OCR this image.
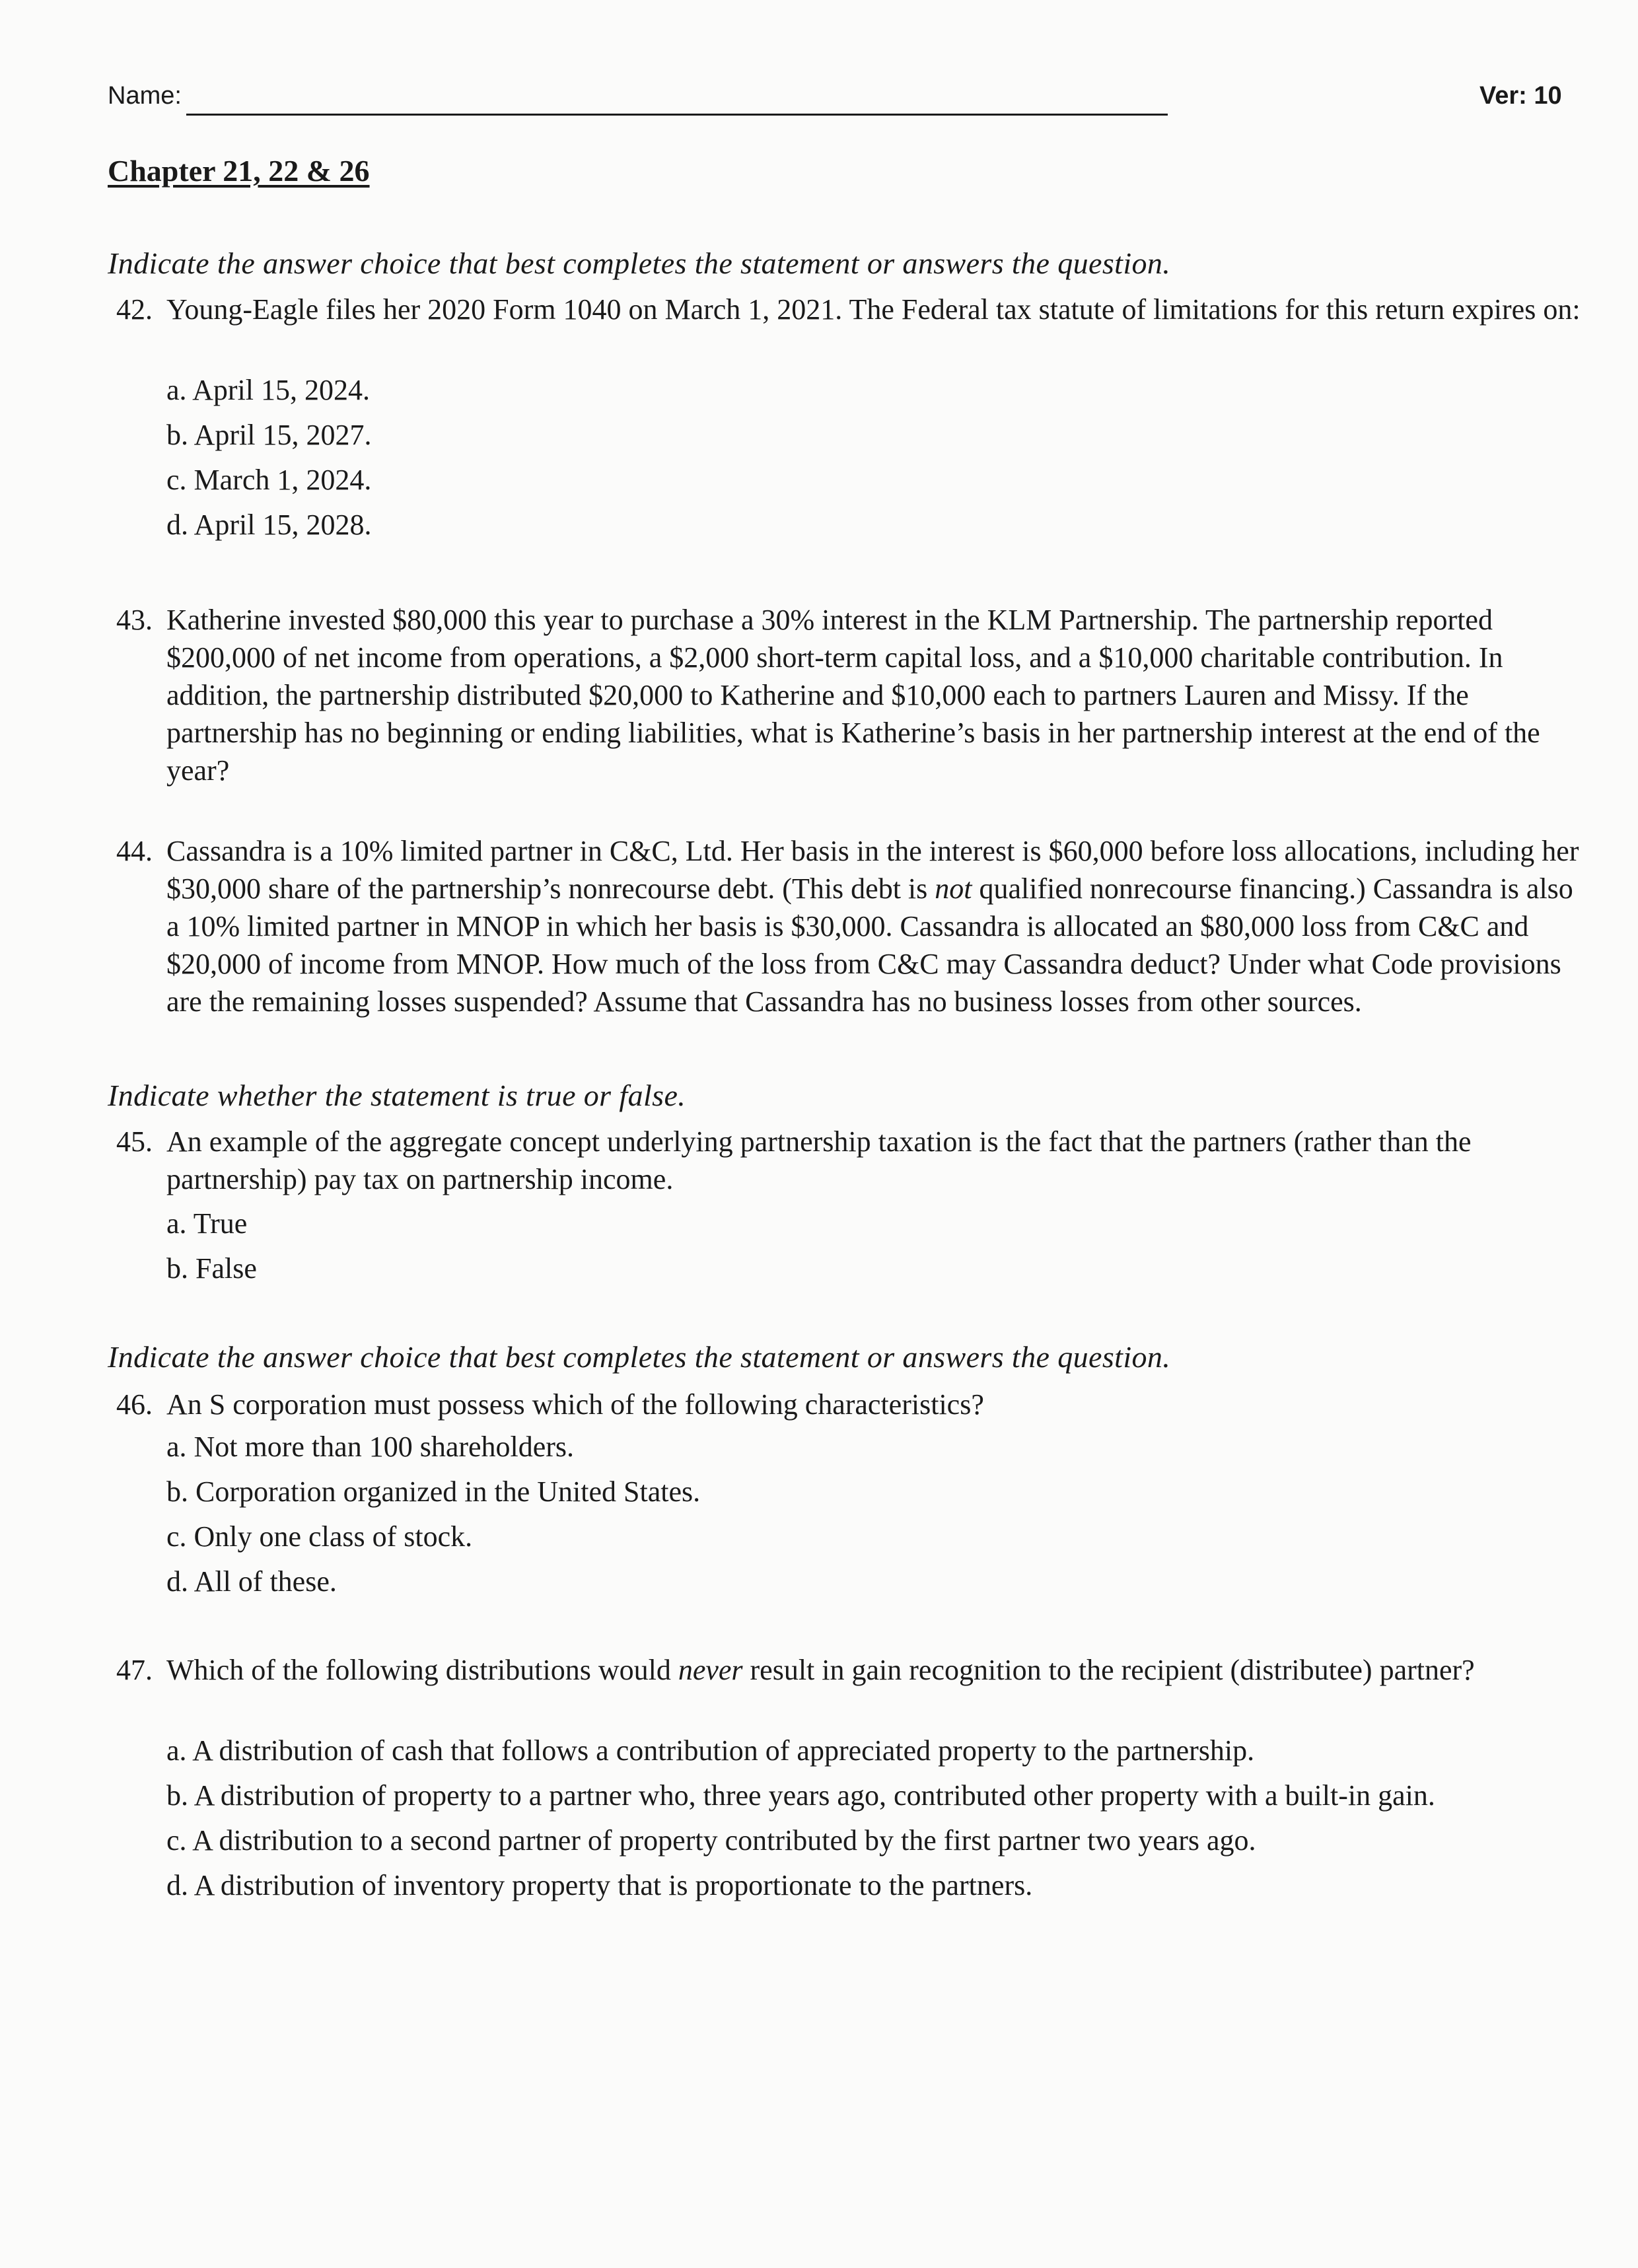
Name:	Ver: 10
Chapter 21, 22 & 26
Indicate the answer choice that best completes the statement or answers the question.
42. Young-Eagle files her 2020 Form 1040 on March 1, 2021. The Federal tax statute of limitations for this return expires on:
a. April 15, 2024.
b. April 15, 2027.
c. March 1, 2024.
d. April 15, 2028.
43. Katherine invested $80,000 this year to purchase a 30% interest in the KLM Partnership. The partnership reported $200,000 of net income from operations, a $2,000 short-term capital loss, and a $10,000 charitable contribution. In addition, the partnership distributed $20,000 to Katherine and $10,000 each to partners Lauren and Missy. If the partnership has no beginning or ending liabilities, what is Katherine’s basis in her partnership interest at the end of the year?
44. Cassandra is a 10% limited partner in C&C, Ltd. Her basis in the interest is $60,000 before loss allocations, including her $30,000 share of the partnership’s nonrecourse debt. (This debt is not qualified nonrecourse financing.) Cassandra is also a 10% limited partner in MNOP in which her basis is $30,000. Cassandra is allocated an $80,000 loss from C&C and $20,000 of income from MNOP. How much of the loss from C&C may Cassandra deduct? Under what Code provisions are the remaining losses suspended? Assume that Cassandra has no business losses from other sources.
Indicate whether the statement is true or false.
45. An example of the aggregate concept underlying partnership taxation is the fact that the partners (rather than the partnership) pay tax on partnership income.
a. True
b. False
Indicate the answer choice that best completes the statement or answers the question.
46. An S corporation must possess which of the following characteristics?
a. Not more than 100 shareholders.
b. Corporation organized in the United States.
c. Only one class of stock.
d. All of these.
47. Which of the following distributions would never result in gain recognition to the recipient (distributee) partner?
a. A distribution of cash that follows a contribution of appreciated property to the partnership.
b. A distribution of property to a partner who, three years ago, contributed other property with a built-in gain.
c. A distribution to a second partner of property contributed by the first partner two years ago.
d. A distribution of inventory property that is proportionate to the partners.
